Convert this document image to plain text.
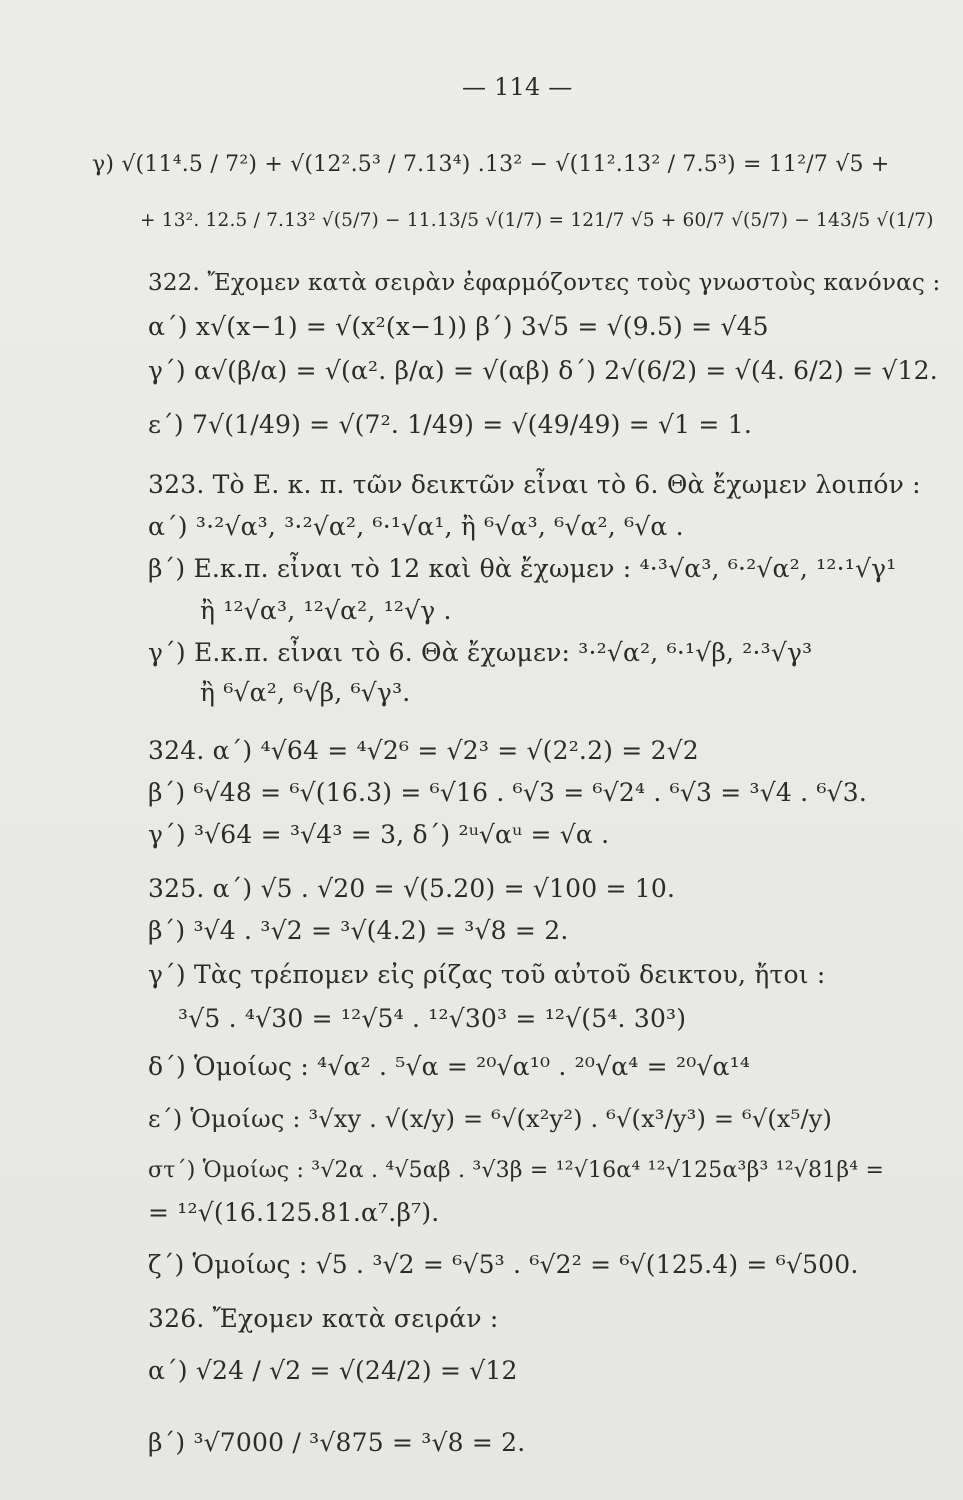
— 114 —
γ) √(11⁴.5 / 7²) + √(12².5³ / 7.13⁴) .13² − √(11².13² / 7.5³) = 11²/7 √5 +
+ 13². 12.5 / 7.13² √(5/7) − 11.13/5 √(1/7) = 121/7 √5 + 60/7 √(5/7) − 143/5 √(1/7)
322. Ἔχομεν κατὰ σειρὰν ἐφαρμόζοντες τοὺς γνωστοὺς κανόνας :
α΄) x√(x−1) = √(x²(x−1)) β΄) 3√5 = √(9.5) = √45
γ΄) α√(β/α) = √(α². β/α) = √(αβ) δ΄) 2√(6/2) = √(4. 6/2) = √12.
ε΄) 7√(1/49) = √(7². 1/49) = √(49/49) = √1 = 1.
323. Τὸ Ε. κ. π. τῶν δεικτῶν εἶναι τὸ 6. Θὰ ἔχωμεν λοιπόν :
α΄) ³·²√α³, ³·²√α², ⁶·¹√α¹, ἢ ⁶√α³, ⁶√α², ⁶√α .
β΄) Ε.κ.π. εἶναι τὸ 12 καὶ θὰ ἔχωμεν : ⁴·³√α³, ⁶·²√α², ¹²·¹√γ¹
ἢ ¹²√α³, ¹²√α², ¹²√γ .
γ΄) Ε.κ.π. εἶναι τὸ 6. Θὰ ἔχωμεν: ³·²√α², ⁶·¹√β, ²·³√γ³
ἢ ⁶√α², ⁶√β, ⁶√γ³.
324. α΄) ⁴√64 = ⁴√2⁶ = √2³ = √(2².2) = 2√2
β΄) ⁶√48 = ⁶√(16.3) = ⁶√16 . ⁶√3 = ⁶√2⁴ . ⁶√3 = ³√4 . ⁶√3.
γ΄) ³√64 = ³√4³ = 3, δ΄) ²ᵘ√αᵘ = √α .
325. α΄) √5 . √20 = √(5.20) = √100 = 10.
β΄) ³√4 . ³√2 = ³√(4.2) = ³√8 = 2.
γ΄) Τὰς τρέπομεν εἰς ρίζας τοῦ αὐτοῦ δεικτου, ἤτοι :
³√5 . ⁴√30 = ¹²√5⁴ . ¹²√30³ = ¹²√(5⁴. 30³)
δ΄) Ὁμοίως : ⁴√α² . ⁵√α = ²⁰√α¹⁰ . ²⁰√α⁴ = ²⁰√α¹⁴
ε΄) Ὁμοίως : ³√xy . √(x/y) = ⁶√(x²y²) . ⁶√(x³/y³) = ⁶√(x⁵/y)
στ΄) Ὁμοίως : ³√2α . ⁴√5αβ . ³√3β = ¹²√16α⁴ ¹²√125α³β³ ¹²√81β⁴ =
= ¹²√(16.125.81.α⁷.β⁷).
ζ΄) Ὁμοίως : √5 . ³√2 = ⁶√5³ . ⁶√2² = ⁶√(125.4) = ⁶√500.
326. Ἔχομεν κατὰ σειράν :
α΄) √24 / √2 = √(24/2) = √12
β΄) ³√7000 / ³√875 = ³√8 = 2.
